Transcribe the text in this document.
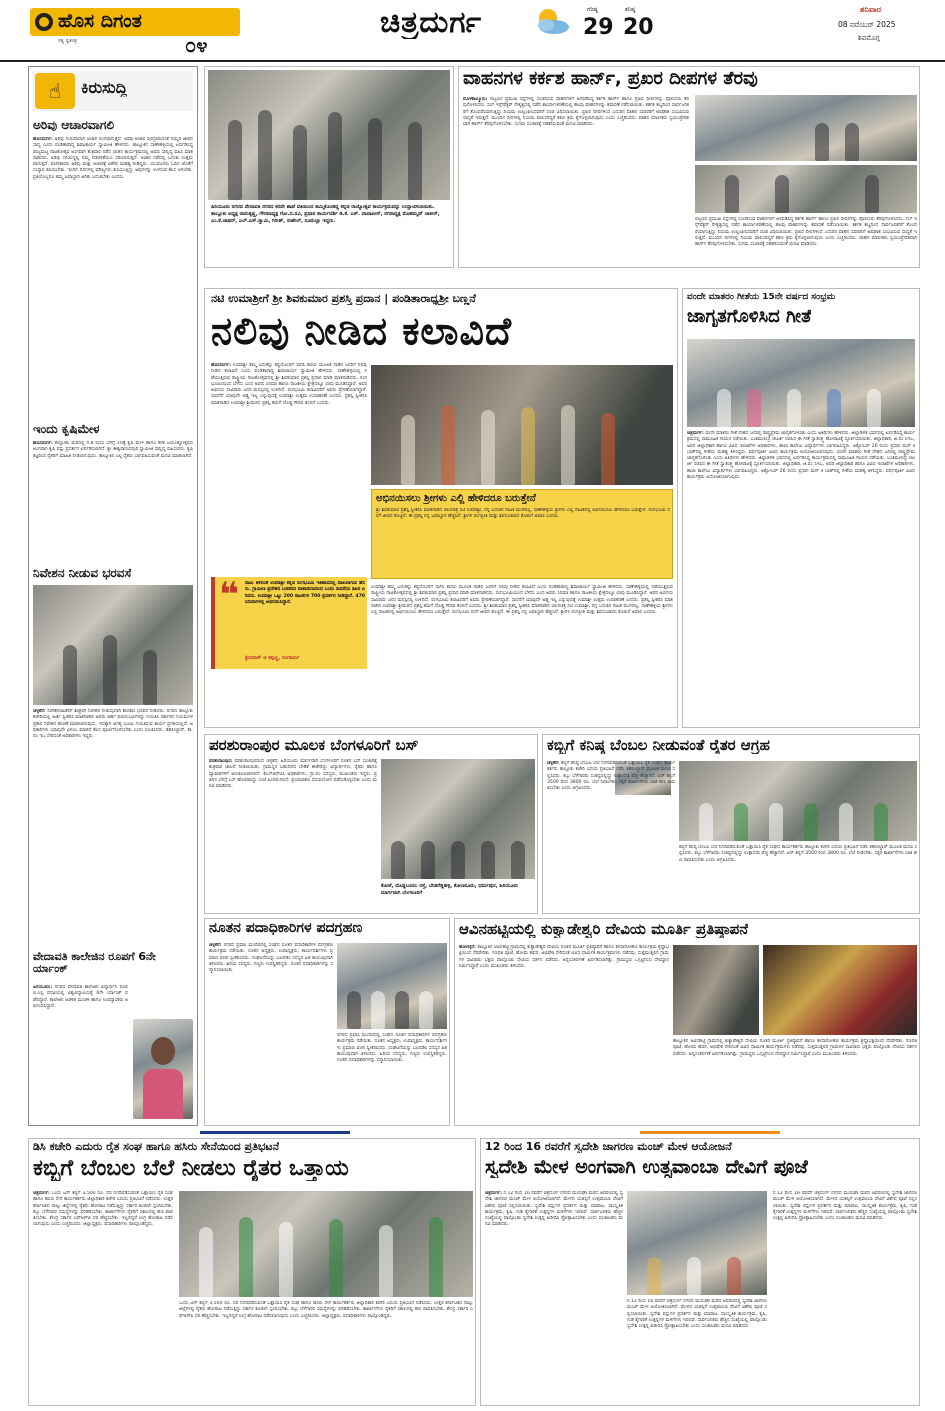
ಹೊಸ ದಿಗಂತ
ಸತ್ಯ ಸ್ವತಂತ್ರ	೦೪
ಚಿತ್ರದುರ್ಗ	ಗರಿಷ್ಠ
29
ಕನಿಷ್ಠ
20
ಶನಿವಾರ
08 ನವೆಂಬರ್ 2025
ಶಿವಮೊಗ್ಗ
☝	ಕಿರುಸುದ್ದಿ
ಅರಿವು ಆಚಾರವಾಗಲಿ
ಹೊಸದುರ್ಗ: ಅರಿವು ಗುರುವಾದಾಗ ಆಚಾರ ಲಿಂಗವಾಗುತ್ತದೆ. ಅರಿವು-ಆಚಾರ ಪುನರ್ರಚಿಸಿದಂತೆ ನಮ್ಮದಿ ಜೀವನ ಸಾಧ್ಯ ಎಂದು ಪಂಡಿತಾರಾಧ್ಯ ಶಿವಾಚಾರ್ಯ ಸ್ವಾಮೀಜಿ ಹೇಳಿದರು. ತಾಲ್ಲೂಕಿನ ಸಾಣೇಹಳ್ಳಿಯಲ್ಲಿ ಏರ್ಪಡಿಸಿದ್ದ ರಾಜ್ಯಮಟ್ಟ ನಾಟಕೋತ್ಸವ ಅಂಗವಾಗಿ ಶುಕ್ರವಾರ ನಡೆದ ಚಿಂತನ ಕಾರ್ಯಕ್ರಮದಲ್ಲಿ ಅವರು ಸಾನ್ನಿಧ್ಯ ವಹಿಸಿ ಮಾತನಾಡಿದರು. ಅರಿವು ಸರಿಯಿದ್ದಲ್ಲಿ ನಮ್ಮ ನಡವಳಿಕೆಯೂ ಸರಿಯಾಗುತ್ತದೆ. ಆಚಾರ ನಡೆದಲ್ಲಿ ಬದುಕು ಉತ್ತಮವಾಗುತ್ತದೆ. ವಚನಕಾರರು ಅರಿವು ಮತ್ತು ಆಚಾರಕ್ಕೆ ವಿಶೇಷ ಮಹತ್ವ ನೀಡಿದ್ದರು. ಯುವಜನರು ಓದಿನ ಜೊತೆಗೆ ಸಂಸ್ಕಾರ ಕಲಿಯಬೇಕು. ಇಂದಿನ ದಿನಗಳಲ್ಲಿ ಮೌಲ್ಯಗಳು ಕುಸಿಯುತ್ತಿದ್ದು ಅವುಗಳನ್ನು ಉಳಿಸುವ ಕೆಲಸ ಆಗಬೇಕು. ಪ್ರತಿಯೊಬ್ಬರೂ ತಮ್ಮ ಜವಾಬ್ದಾರಿ ಅರಿತು ಬದುಕಬೇಕು ಎಂದರು.
ಇಂದು ಕೃಷಿಮೇಳ
ಹೊಸದುರ್ಗ: ಕೆಲ್ಲೋಡು ಮಠದಲ್ಲಿ ನ.8 ರಂದು ಬೆಳಗ್ಗೆ 10ಕ್ಕೆ ಕೃಷಿ ಮೇಳ ಹಾಗೂ ಕನಕ ಜಯಂತ್ಯೋತ್ಸವದ ಅಂಗವಾಗಿ ಕೃಷಿ ವಸ್ತು ಪ್ರದರ್ಶನ ಏರ್ಪಡಿಸಲಾಗಿದೆ. ಶ್ರೀ ಈಶ್ವರಾನಂದಪುರಿ ಸ್ವಾಮೀಜಿ ಸಾನ್ನಿಧ್ಯ ವಹಿಸುವರು. ಕೃಷಿ ತಜ್ಞರಿಂದ ರೈತರಿಗೆ ಮಾಹಿತಿ ನೀಡಲಾಗುವುದು. ತಾಲ್ಲೂಕಿನ ಎಲ್ಲ ರೈತರು ಭಾಗವಹಿಸುವಂತೆ ಮನವಿ ಮಾಡಲಾಗಿದೆ.
ನಿವೇಶನ ನೀಡುವ ಭರವಸೆ
ಚಳ್ಳಕೆರೆ: ನಿವೇಶನರಹಿತರಿಗೆ ಶೀಘ್ರವೇ ನಿವೇಶನ ನೀಡುವುದಾಗಿ ಶಾಸಕರು ಭರವಸೆ ನೀಡಿದರು. ನಗರದ ತಾಲ್ಲೂಕು ಕಚೇರಿಯಲ್ಲಿ ಅರ್ಜಿ ಸ್ವೀಕರಿಸಿ ಮಾತನಾಡಿದ ಅವರು ಅರ್ಹ ಫಲಾನುಭವಿಗಳನ್ನು ಗುರುತಿಸಿ ಸರ್ಕಾರದ ನಿಯಮಗಳ ಪ್ರಕಾರ ನಿವೇಶನ ಹಂಚಿಕೆ ಮಾಡಲಾಗುವುದು. ಇದಕ್ಕಾಗಿ ಅಗತ್ಯ ಭೂಮಿ ಗುರುತಿಸುವ ಕಾರ್ಯ ಪ್ರಗತಿಯಲ್ಲಿದೆ. ಅಧಿಕಾರಿಗಳು ಯಾವುದೇ ವಿಳಂಬ ಮಾಡದೆ ಕೆಲಸ ಪೂರ್ಣಗೊಳಿಸಬೇಕು ಎಂದು ಸೂಚಿಸಿದರು. ತಹಸೀಲ್ದಾರ್, ತಾ.ಪಂ ಇಒ ಸೇರಿದಂತೆ ಅಧಿಕಾರಿಗಳು ಇದ್ದರು.
ವೇದಾವತಿ ಕಾಲೇಜಿನ ರೂಪಗೆ 6ನೇ ರ್ಯಾಂಕ್
ಹಿರಿಯೂರು: ನಗರದ ವೇದಾವತಿ ಕಾಲೇಜಿನ ವಿದ್ಯಾರ್ಥಿನಿ ರೂಪ ಬಿ.ಎಸ್ಸಿ ಪದವಿಯಲ್ಲಿ ವಿಶ್ವವಿದ್ಯಾಲಯಕ್ಕೆ 6ನೇ ರ್ಯಾಂಕ್ ಪಡೆದಿದ್ದಾರೆ. ಕಾಲೇಜಿನ ಆಡಳಿತ ಮಂಡಳಿ ಹಾಗೂ ಉಪನ್ಯಾಸಕರು ಅಭಿನಂದಿಸಿದ್ದಾರೆ.
ಹಿರಿಯೂರು ನಗರದ ವೇದಾವತಿ ನಗರದ ಕರವೇ ಶಾಖೆ ವತಿಯಿಂದ ಹಮ್ಮಿಕೊಂಡಿದ್ದ ಕನ್ನಡ ರಾಜ್ಯೋತ್ಸವ ಕಾರ್ಯಕ್ರಮವನ್ನು ಉದ್ಘಾಟಿಸಲಾಯಿತು. ತಾಲ್ಲೂಕು ಅಧ್ಯಕ್ಷ ರಾಮಕೃಷ್ಣ, ಗೌರವಾಧ್ಯಕ್ಷ ಗೋ.ಬಿ.ರವಿ, ಪ್ರಧಾನ ಕಾರ್ಯದರ್ಶಿ ಡಿ.ಕೆ. ಎಸ್. ದಾದಾಪೀರ್, ನಗರಾಧ್ಯಕ್ಷ ಮೊಹಮ್ಮದ್ ಜಾಕೀರ್, ಎಂ.ಕೆ.ಜಾಫರ್, ಎಲ್.ಎಸ್.ಸ್ವಾಮಿ, ಗಿರೀಶ್, ಸುಹೇಲ್, ನೂರುಲ್ಲಾ ಇದ್ದರು.
ವಾಹನಗಳ ಕರ್ಕಶ ಹಾರ್ನ್, ಪ್ರಖರ ದೀಪಗಳ ತೆರವು
ಮೊಳಕಾಲ್ಮೂರು: ಪಟ್ಟಣದ ಪ್ರಮುಖ ರಸ್ತೆಗಳಲ್ಲಿ ಸಂಚರಿಸುವ ವಾಹನಗಳಿಗೆ ಅಳವಡಿಸಿದ್ದ ಕರ್ಕಶ ಹಾರ್ನ್ ಹಾಗೂ ಪ್ರಖರ ದೀಪಗಳನ್ನು ಪೊಲೀಸರು ತೆರವುಗೊಳಿಸಿದರು. ಸಬ್ ಇನ್ಸ್‌ಪೆಕ್ಟರ್ ನೇತೃತ್ವದಲ್ಲಿ ನಡೆದ ಕಾರ್ಯಾಚರಣೆಯಲ್ಲಿ ಹಲವು ವಾಹನಗಳನ್ನು ತಪಾಸಣೆ ನಡೆಸಲಾಯಿತು. ಕರ್ಕಶ ಶಬ್ದದಿಂದ ಸಾರ್ವಜನಿಕರಿಗೆ ತೊಂದರೆಯಾಗುತ್ತಿದ್ದು ನಿಯಮ ಉಲ್ಲಂಘಿಸಿದವರಿಗೆ ದಂಡ ವಿಧಿಸಲಾಯಿತು. ಪ್ರಖರ ದೀಪಗಳಿಂದ ಎದುರಿನ ವಾಹನ ಸವಾರರಿಗೆ ಅಪಘಾತ ಸಂಭವಿಸುವ ಸಾಧ್ಯತೆ ಇರುತ್ತದೆ. ಮುಂದಿನ ದಿನಗಳಲ್ಲಿ ನಿಯಮ ಪಾಲಿಸದಿದ್ದರೆ ಕಠಿಣ ಕ್ರಮ ಕೈಗೊಳ್ಳಲಾಗುವುದು ಎಂದು ಎಚ್ಚರಿಸಿದರು. ವಾಹನ ಮಾಲೀಕರು ಸ್ವಯಂಪ್ರೇರಿತವಾಗಿ ಹಾರ್ನ್ ತೆರವುಗೊಳಿಸಬೇಕು. ಸುಗಮ ಸಂಚಾರಕ್ಕೆ ಸಹಕರಿಸುವಂತೆ ಮನವಿ ಮಾಡಿದರು.
ಪಟ್ಟಣದ ಪ್ರಮುಖ ರಸ್ತೆಗಳಲ್ಲಿ ಸಂಚರಿಸುವ ವಾಹನಗಳಿಗೆ ಅಳವಡಿಸಿದ್ದ ಕರ್ಕಶ ಹಾರ್ನ್ ಹಾಗೂ ಪ್ರಖರ ದೀಪಗಳನ್ನು ಪೊಲೀಸರು ತೆರವುಗೊಳಿಸಿದರು. ಸಬ್ ಇನ್ಸ್‌ಪೆಕ್ಟರ್ ನೇತೃತ್ವದಲ್ಲಿ ನಡೆದ ಕಾರ್ಯಾಚರಣೆಯಲ್ಲಿ ಹಲವು ವಾಹನಗಳನ್ನು ತಪಾಸಣೆ ನಡೆಸಲಾಯಿತು. ಕರ್ಕಶ ಶಬ್ದದಿಂದ ಸಾರ್ವಜನಿಕರಿಗೆ ತೊಂದರೆಯಾಗುತ್ತಿದ್ದು ನಿಯಮ ಉಲ್ಲಂಘಿಸಿದವರಿಗೆ ದಂಡ ವಿಧಿಸಲಾಯಿತು. ಪ್ರಖರ ದೀಪಗಳಿಂದ ಎದುರಿನ ವಾಹನ ಸವಾರರಿಗೆ ಅಪಘಾತ ಸಂಭವಿಸುವ ಸಾಧ್ಯತೆ ಇರುತ್ತದೆ. ಮುಂದಿನ ದಿನಗಳಲ್ಲಿ ನಿಯಮ ಪಾಲಿಸದಿದ್ದರೆ ಕಠಿಣ ಕ್ರಮ ಕೈಗೊಳ್ಳಲಾಗುವುದು ಎಂದು ಎಚ್ಚರಿಸಿದರು. ವಾಹನ ಮಾಲೀಕರು ಸ್ವಯಂಪ್ರೇರಿತವಾಗಿ ಹಾರ್ನ್ ತೆರವುಗೊಳಿಸಬೇಕು. ಸುಗಮ ಸಂಚಾರಕ್ಕೆ ಸಹಕರಿಸುವಂತೆ ಮನವಿ ಮಾಡಿದರು.
ನಟಿ ಉಮಾಶ್ರೀಗೆ ಶ್ರೀ ಶಿವಕುಮಾರ ಪ್ರಶಸ್ತಿ ಪ್ರದಾನ | ಪಂಡಿತಾರಾಧ್ಯಶ್ರೀ ಬಣ್ಣನೆ
ನಲಿವು ನೀಡಿದ ಕಲಾವಿದೆ
ಹೊಸದುರ್ಗ: ಉಮಾಶ್ರೀ ತಮ್ಮ ಬದುಕನ್ನು ಕಷ್ಟದೊಂದಿಗೆ ಸಾಗಿಸಿ ಕಲೆಯ ಮೂಲಕ ನಾಡಿನ ಜನರಿಗೆ ನಲಿವು ನೀಡಿದ ಕಲಾವಿದೆ ಎಂದು ಪಂಡಿತಾರಾಧ್ಯ ಶಿವಾಚಾರ್ಯ ಸ್ವಾಮೀಜಿ ಹೇಳಿದರು. ಸಾಣೇಹಳ್ಳಿಯಲ್ಲಿ ನಡೆಯುತ್ತಿರುವ ರಾಷ್ಟ್ರೀಯ ನಾಟಕೋತ್ಸವದಲ್ಲಿ ಶ್ರೀ ಶಿವಕುಮಾರ ಪ್ರಶಸ್ತಿ ಪ್ರದಾನ ಮಾಡಿ ಮಾತನಾಡಿದರು. ರಂಗಭೂಮಿಯಿಂದ ಬೆಳೆದು ಬಂದ ಅವರು ಸಿನಿಮಾ ಹಾಗೂ ರಾಜಕೀಯ ಕ್ಷೇತ್ರದಲ್ಲೂ ಛಾಪು ಮೂಡಿಸಿದ್ದಾರೆ. ಅವರ ಅಭಿನಯ ಸಾವಿರಾರು ಜನರ ಮನಸ್ಸಿನಲ್ಲಿ ಉಳಿದಿದೆ. ರಂಗಭೂಮಿ ಕಲಾವಿದರಿಗೆ ಅವರು ಪ್ರೇರಣೆಯಾಗಿದ್ದಾರೆ. ಸಾಧನೆಗೆ ಯಾವುದೇ ಅಡ್ಡಿ ಇಲ್ಲ ಎನ್ನುವುದಕ್ಕೆ ಉಮಾಶ್ರೀ ಉತ್ತಮ ಉದಾಹರಣೆ ಎಂದರು. ಪ್ರಶಸ್ತಿ ಸ್ವೀಕರಿಸಿ ಮಾತನಾಡಿದ ಉಮಾಶ್ರೀ ಶ್ರೀಮಠದ ಪ್ರಶಸ್ತಿ ತಮಗೆ ದೊಡ್ಡ ಗೌರವ ತಂದಿದೆ ಎಂದರು.
ಅಭಿನಯಿಸಲು ಶ್ರೀಗಳು ಎಲ್ಲಿ ಹೇಳಿದರೂ ಬರುತ್ತೇನೆ
ಶ್ರೀ ಶಿವಕುಮಾರ ಪ್ರಶಸ್ತಿ ಸ್ವೀಕರಿಸಿ ಮಾತನಾಡಿದ ಚಲನಚಿತ್ರ ನಟಿ ಉಮಾಶ್ರೀ, ನನ್ನ ಬದುಕಿನ ನಾಟಕ ಮುಗಿದಿಲ್ಲ. ಸಾಣೇಹಳ್ಳಿಯ ಶ್ರೀಗಳು ಎಲ್ಲಿ ನಾಟಕದಲ್ಲಿ ಅಭಿನಯಿಸಲು ಹೇಳಿದರೂ ಬರುತ್ತೇನೆ. ರಂಗಭೂಮಿ ನನಗೆ ಜೀವನ ಕೊಟ್ಟಿದೆ. ಈ ಪ್ರಶಸ್ತಿ ನನ್ನ ಜವಾಬ್ದಾರಿ ಹೆಚ್ಚಿಸಿದೆ. ಶ್ರೀಗಳ ರಂಗಪ್ರೀತಿ ಮತ್ತು ಶಿವಸಂಚಾರದ ಕೊಡುಗೆ ಅಪಾರ ಎಂದರು.
❝ ನಾಟು ತಿಳಿದಂತೆ ಉಮಾಶ್ರೀ ಕನ್ನಡ ರಂಗಭೂಮಿ ಇತಿಹಾಸದಲ್ಲಿ ದಾಖಲಾಗುವ ಹೆಸರು. ಗ್ರಾಮೀಣ ಪ್ರದೇಶದ ಬಡತನದ ವಾತಾವರಣದಿಂದ ಬಂದು ಸಾಧನೆಯ ಶಿಖರ ಏರಿದರು. ಉಮಾಶ್ರೀ ಒಟ್ಟು 200 ನಾಟಕಗಳ 700 ಪ್ರದರ್ಶನ ನೀಡಿದ್ದಾರೆ. 470 ಸಿನಿಮಾಗಳಲ್ಲಿ ಅಭಿನಯಿಸಿದ್ದಾರೆ.
ಶ್ರೀನಿವಾಸ್ ಜಿ ಕಪ್ಪಣ್ಣ, ರಂಗಕರ್ಮಿ
ಉಮಾಶ್ರೀ ತಮ್ಮ ಬದುಕನ್ನು ಕಷ್ಟದೊಂದಿಗೆ ಸಾಗಿಸಿ ಕಲೆಯ ಮೂಲಕ ನಾಡಿನ ಜನರಿಗೆ ನಲಿವು ನೀಡಿದ ಕಲಾವಿದೆ ಎಂದು ಪಂಡಿತಾರಾಧ್ಯ ಶಿವಾಚಾರ್ಯ ಸ್ವಾಮೀಜಿ ಹೇಳಿದರು. ಸಾಣೇಹಳ್ಳಿಯಲ್ಲಿ ನಡೆಯುತ್ತಿರುವ ರಾಷ್ಟ್ರೀಯ ನಾಟಕೋತ್ಸವದಲ್ಲಿ ಶ್ರೀ ಶಿವಕುಮಾರ ಪ್ರಶಸ್ತಿ ಪ್ರದಾನ ಮಾಡಿ ಮಾತನಾಡಿದರು. ರಂಗಭೂಮಿಯಿಂದ ಬೆಳೆದು ಬಂದ ಅವರು ಸಿನಿಮಾ ಹಾಗೂ ರಾಜಕೀಯ ಕ್ಷೇತ್ರದಲ್ಲೂ ಛಾಪು ಮೂಡಿಸಿದ್ದಾರೆ. ಅವರ ಅಭಿನಯ ಸಾವಿರಾರು ಜನರ ಮನಸ್ಸಿನಲ್ಲಿ ಉಳಿದಿದೆ. ರಂಗಭೂಮಿ ಕಲಾವಿದರಿಗೆ ಅವರು ಪ್ರೇರಣೆಯಾಗಿದ್ದಾರೆ. ಸಾಧನೆಗೆ ಯಾವುದೇ ಅಡ್ಡಿ ಇಲ್ಲ ಎನ್ನುವುದಕ್ಕೆ ಉಮಾಶ್ರೀ ಉತ್ತಮ ಉದಾಹರಣೆ ಎಂದರು. ಪ್ರಶಸ್ತಿ ಸ್ವೀಕರಿಸಿ ಮಾತನಾಡಿದ ಉಮಾಶ್ರೀ ಶ್ರೀಮಠದ ಪ್ರಶಸ್ತಿ ತಮಗೆ ದೊಡ್ಡ ಗೌರವ ತಂದಿದೆ ಎಂದರು. ಶ್ರೀ ಶಿವಕುಮಾರ ಪ್ರಶಸ್ತಿ ಸ್ವೀಕರಿಸಿ ಮಾತನಾಡಿದ ಚಲನಚಿತ್ರ ನಟಿ ಉಮಾಶ್ರೀ, ನನ್ನ ಬದುಕಿನ ನಾಟಕ ಮುಗಿದಿಲ್ಲ. ಸಾಣೇಹಳ್ಳಿಯ ಶ್ರೀಗಳು ಎಲ್ಲಿ ನಾಟಕದಲ್ಲಿ ಅಭಿನಯಿಸಲು ಹೇಳಿದರೂ ಬರುತ್ತೇನೆ. ರಂಗಭೂಮಿ ನನಗೆ ಜೀವನ ಕೊಟ್ಟಿದೆ. ಈ ಪ್ರಶಸ್ತಿ ನನ್ನ ಜವಾಬ್ದಾರಿ ಹೆಚ್ಚಿಸಿದೆ. ಶ್ರೀಗಳ ರಂಗಪ್ರೀತಿ ಮತ್ತು ಶಿವಸಂಚಾರದ ಕೊಡುಗೆ ಅಪಾರ ಎಂದರು.
ವಂದೇ ಮಾತರಂ ಗೀತೆಯ 15ನೇ ವರ್ಷದ ಸಂಭ್ರಮ
ಜಾಗೃತಗೊಳಿಸಿದ ಗೀತೆ
ಚಿತ್ರದುರ್ಗ: ವಂದೇ ಮಾತರಂ ಗೀತೆ ದೇಶದ ಜನರಲ್ಲಿ ರಾಷ್ಟ್ರಪ್ರೇಮ ಜಾಗೃತಗೊಳಿಸಿತು ಎಂದು ಅತಿಥಿಗಳು ಹೇಳಿದರು. ಜಿಲ್ಲಾಡಳಿತ ಭವನದಲ್ಲಿ ಏರ್ಪಡಿಸಿದ್ದ ಕಾರ್ಯಕ್ರಮದಲ್ಲಿ ಸಾಮೂಹಿಕ ಗಾಯನ ನಡೆಯಿತು. ಬಂಕಿಮಚಂದ್ರ ಚಟರ್ಜಿ ರಚಿಸಿದ ಈ ಗೀತೆ ಸ್ವಾತಂತ್ರ್ಯ ಹೋರಾಟಕ್ಕೆ ಸ್ಫೂರ್ತಿಯಾಯಿತು. ಜಿಲ್ಲಾಧಿಕಾರಿ, ಜಿ.ಪಂ ಸಿಇಒ, ಅಪರ ಜಿಲ್ಲಾಧಿಕಾರಿ ಹಾಗೂ ವಿವಿಧ ಇಲಾಖೆಗಳ ಅಧಿಕಾರಿಗಳು, ಶಾಲಾ ಕಾಲೇಜು ವಿದ್ಯಾರ್ಥಿಗಳು ಭಾಗವಹಿಸಿದ್ದರು. ಅಕ್ಟೋಬರ್ 26 ರಂದು ಪ್ರಧಾನಿ ಮನ್ ಕಿ ಬಾತ್‌ನಲ್ಲಿ ಗೀತೆಯ ಮಹತ್ವ ತಿಳಿಸಿದ್ದರು. ವರ್ಷಪೂರ್ತಿ ವಿವಿಧ ಕಾರ್ಯಕ್ರಮ ಆಯೋಜಿಸಲಾಗುವುದು. ವಂದೇ ಮಾತರಂ ಗೀತೆ ದೇಶದ ಜನರಲ್ಲಿ ರಾಷ್ಟ್ರಪ್ರೇಮ ಜಾಗೃತಗೊಳಿಸಿತು ಎಂದು ಅತಿಥಿಗಳು ಹೇಳಿದರು. ಜಿಲ್ಲಾಡಳಿತ ಭವನದಲ್ಲಿ ಏರ್ಪಡಿಸಿದ್ದ ಕಾರ್ಯಕ್ರಮದಲ್ಲಿ ಸಾಮೂಹಿಕ ಗಾಯನ ನಡೆಯಿತು. ಬಂಕಿಮಚಂದ್ರ ಚಟರ್ಜಿ ರಚಿಸಿದ ಈ ಗೀತೆ ಸ್ವಾತಂತ್ರ್ಯ ಹೋರಾಟಕ್ಕೆ ಸ್ಫೂರ್ತಿಯಾಯಿತು. ಜಿಲ್ಲಾಧಿಕಾರಿ, ಜಿ.ಪಂ ಸಿಇಒ, ಅಪರ ಜಿಲ್ಲಾಧಿಕಾರಿ ಹಾಗೂ ವಿವಿಧ ಇಲಾಖೆಗಳ ಅಧಿಕಾರಿಗಳು, ಶಾಲಾ ಕಾಲೇಜು ವಿದ್ಯಾರ್ಥಿಗಳು ಭಾಗವಹಿಸಿದ್ದರು. ಅಕ್ಟೋಬರ್ 26 ರಂದು ಪ್ರಧಾನಿ ಮನ್ ಕಿ ಬಾತ್‌ನಲ್ಲಿ ಗೀತೆಯ ಮಹತ್ವ ತಿಳಿಸಿದ್ದರು. ವರ್ಷಪೂರ್ತಿ ವಿವಿಧ ಕಾರ್ಯಕ್ರಮ ಆಯೋಜಿಸಲಾಗುವುದು.
ಪರಶುರಾಂಪುರ ಮೂಲಕ ಬೆಂಗಳೂರಿಗೆ ಬಸ್
ಪರಶುರಾಂಪುರ: ಪರಶುರಾಂಪುರದಿಂದ ಚಳ್ಳಕೆರೆ, ಹಿರಿಯೂರು ಮಾರ್ಗವಾಗಿ ಬೆಂಗಳೂರಿಗೆ ನೂತನ ಬಸ್ ಸಂಚಾರಕ್ಕೆ ಶುಕ್ರವಾರ ಚಾಲನೆ ನೀಡಲಾಯಿತು. ಗ್ರಾಮಸ್ಥರ ಬಹುದಿನದ ಬೇಡಿಕೆ ಈಡೇರಿದ್ದು ವಿದ್ಯಾರ್ಥಿಗಳು, ರೈತರು ಹಾಗೂ ವ್ಯಾಪಾರಿಗಳಿಗೆ ಅನುಕೂಲವಾಗಲಿದೆ. ಕೆಎಸ್‌ಆರ್‌ಟಿಸಿ ಅಧಿಕಾರಿಗಳು, ಗ್ರಾ.ಪಂ ಸದಸ್ಯರು, ಮುಖಂಡರು ಇದ್ದರು. ಪ್ರತಿದಿನ ಬೆಳಗ್ಗೆ ಬಸ್ ಹೊರಡಲಿದ್ದು ಸಂಜೆ ಹಿಂದಿರುಗಲಿದೆ. ಪ್ರಯಾಣಿಕರು ಸದುಪಯೋಗ ಪಡೆದುಕೊಳ್ಳಬೇಕು ಎಂದು ಮನವಿ ಮಾಡಿದರು.
ಕೋಟೆ, ದೊಡ್ಡಬಂದಲ ರಸ್ತೆ, ಬೇಡರೆಡ್ಡಿಹಳ್ಳಿ, ಕೋಣನೂರು, ಧರ್ಮಪುರ, ಹಿರಿಯೂರು ಮಾರ್ಗವಾಗಿ ಬೆಂಗಳೂರಿಗೆ
ಕಬ್ಬಿಗೆ ಕನಿಷ್ಠ ಬೆಂಬಲ ನೀಡುವಂತೆ ರೈತರ ಆಗ್ರಹ
ಚಳ್ಳಕೆರೆ: ಕಬ್ಬಿಗೆ ಕನಿಷ್ಠ ಬೆಂಬಲ ಬೆಲೆ ನಿಗದಿಪಡಿಸುವಂತೆ ಒತ್ತಾಯಿಸಿ ರೈತ ಸಂಘದ ಕಾರ್ಯಕರ್ತರು ತಾಲ್ಲೂಕು ಕಚೇರಿ ಎದುರು ಪ್ರತಿಭಟನೆ ನಡೆಸಿ ತಹಸೀಲ್ದಾರ್ ಮೂಲಕ ಮನವಿ ಸಲ್ಲಿಸಿದರು. ಕಬ್ಬು ಬೆಳೆಗಾರರು ಸಂಕಷ್ಟದಲ್ಲಿದ್ದು ಉತ್ಪಾದನಾ ವೆಚ್ಚ ಹೆಚ್ಚಾಗಿದೆ. ಟನ್ ಕಬ್ಬಿಗೆ 3500 ರಿಂದ 3800 ರೂ. ಬೆಲೆ ನೀಡಬೇಕು. ಸಕ್ಕರೆ ಕಾರ್ಖಾನೆಗಳು ಬಾಕಿ ಹಣ ಪಾವತಿಸಬೇಕು ಎಂದು ಆಗ್ರಹಿಸಿದರು.
ಕಬ್ಬಿಗೆ ಕನಿಷ್ಠ ಬೆಂಬಲ ಬೆಲೆ ನಿಗದಿಪಡಿಸುವಂತೆ ಒತ್ತಾಯಿಸಿ ರೈತ ಸಂಘದ ಕಾರ್ಯಕರ್ತರು ತಾಲ್ಲೂಕು ಕಚೇರಿ ಎದುರು ಪ್ರತಿಭಟನೆ ನಡೆಸಿ ತಹಸೀಲ್ದಾರ್ ಮೂಲಕ ಮನವಿ ಸಲ್ಲಿಸಿದರು. ಕಬ್ಬು ಬೆಳೆಗಾರರು ಸಂಕಷ್ಟದಲ್ಲಿದ್ದು ಉತ್ಪಾದನಾ ವೆಚ್ಚ ಹೆಚ್ಚಾಗಿದೆ. ಟನ್ ಕಬ್ಬಿಗೆ 3500 ರಿಂದ 3800 ರೂ. ಬೆಲೆ ನೀಡಬೇಕು. ಸಕ್ಕರೆ ಕಾರ್ಖಾನೆಗಳು ಬಾಕಿ ಹಣ ಪಾವತಿಸಬೇಕು ಎಂದು ಆಗ್ರಹಿಸಿದರು.
ನೂತನ ಪದಾಧಿಕಾರಿಗಳ ಪದಗ್ರಹಣ
ಚಳ್ಳಕೆರೆ: ನಗರದ ಪ್ರವಾಸಿ ಮಂದಿರದಲ್ಲಿ ಸಂಘದ ನೂತನ ಪದಾಧಿಕಾರಿಗಳ ಪದಗ್ರಹಣ ಕಾರ್ಯಕ್ರಮ ನಡೆಯಿತು. ನೂತನ ಅಧ್ಯಕ್ಷರು, ಉಪಾಧ್ಯಕ್ಷರು, ಕಾರ್ಯದರ್ಶಿಗಳು ಪ್ರಮಾಣ ವಚನ ಸ್ವೀಕರಿಸಿದರು. ಸಂಘಟನೆಯನ್ನು ಬಲಪಡಿಸಿ ಸದಸ್ಯರ ಹಿತ ಕಾಯುವುದಾಗಿ ತಿಳಿಸಿದರು. ಹಿರಿಯ ಸದಸ್ಯರು, ಗಣ್ಯರು ಉಪಸ್ಥಿತರಿದ್ದರು. ನೂತನ ಪದಾಧಿಕಾರಿಗಳನ್ನು ಸನ್ಮಾನಿಸಲಾಯಿತು.
ನಗರದ ಪ್ರವಾಸಿ ಮಂದಿರದಲ್ಲಿ ಸಂಘದ ನೂತನ ಪದಾಧಿಕಾರಿಗಳ ಪದಗ್ರಹಣ ಕಾರ್ಯಕ್ರಮ ನಡೆಯಿತು. ನೂತನ ಅಧ್ಯಕ್ಷರು, ಉಪಾಧ್ಯಕ್ಷರು, ಕಾರ್ಯದರ್ಶಿಗಳು ಪ್ರಮಾಣ ವಚನ ಸ್ವೀಕರಿಸಿದರು. ಸಂಘಟನೆಯನ್ನು ಬಲಪಡಿಸಿ ಸದಸ್ಯರ ಹಿತ ಕಾಯುವುದಾಗಿ ತಿಳಿಸಿದರು. ಹಿರಿಯ ಸದಸ್ಯರು, ಗಣ್ಯರು ಉಪಸ್ಥಿತರಿದ್ದರು. ನೂತನ ಪದಾಧಿಕಾರಿಗಳನ್ನು ಸನ್ಮಾನಿಸಲಾಯಿತು.
ಆವಿನಹಟ್ಟಿಯಲ್ಲಿ ಕುಕ್ವಾಡೇಶ್ವರಿ ದೇವಿಯ ಮೂರ್ತಿ ಪ್ರತಿಷ್ಠಾಪನೆ
ಹೊಳಲ್ಕೆರೆ: ತಾಲ್ಲೂಕಿನ ಆವಿನಹಟ್ಟಿ ಗ್ರಾಮದಲ್ಲಿ ಕುಕ್ವಾಡೇಶ್ವರಿ ದೇವಿಯ ನೂತನ ಮೂರ್ತಿ ಪ್ರತಿಷ್ಠಾಪನೆ ಹಾಗೂ ಕಳಸಾರೋಹಣ ಕಾರ್ಯಕ್ರಮ ಶ್ರದ್ಧಾಭಕ್ತಿಯಿಂದ ನೆರವೇರಿತು. ಗಣಪತಿ ಪೂಜೆ, ಹೋಮ ಹವನ, ಅಭಿಷೇಕ ಸೇರಿದಂತೆ ವಿವಿಧ ಧಾರ್ಮಿಕ ಕಾರ್ಯಕ್ರಮಗಳು ನಡೆದವು. ಸುತ್ತಮುತ್ತಲಿನ ಗ್ರಾಮಗಳ ಸಾವಿರಾರು ಭಕ್ತರು ಪಾಲ್ಗೊಂಡು ದೇವಿಯ ದರ್ಶನ ಪಡೆದರು. ಅನ್ನಸಂತರ್ಪಣೆ ಏರ್ಪಡಿಸಲಾಗಿತ್ತು. ಗ್ರಾಮಸ್ಥರು ಒಗ್ಗಟ್ಟಿನಿಂದ ದೇವಸ್ಥಾನ ನಿರ್ಮಿಸಿದ್ದಾರೆ ಎಂದು ಮುಖಂಡರು ತಿಳಿಸಿದರು.
ತಾಲ್ಲೂಕಿನ ಆವಿನಹಟ್ಟಿ ಗ್ರಾಮದಲ್ಲಿ ಕುಕ್ವಾಡೇಶ್ವರಿ ದೇವಿಯ ನೂತನ ಮೂರ್ತಿ ಪ್ರತಿಷ್ಠಾಪನೆ ಹಾಗೂ ಕಳಸಾರೋಹಣ ಕಾರ್ಯಕ್ರಮ ಶ್ರದ್ಧಾಭಕ್ತಿಯಿಂದ ನೆರವೇರಿತು. ಗಣಪತಿ ಪೂಜೆ, ಹೋಮ ಹವನ, ಅಭಿಷೇಕ ಸೇರಿದಂತೆ ವಿವಿಧ ಧಾರ್ಮಿಕ ಕಾರ್ಯಕ್ರಮಗಳು ನಡೆದವು. ಸುತ್ತಮುತ್ತಲಿನ ಗ್ರಾಮಗಳ ಸಾವಿರಾರು ಭಕ್ತರು ಪಾಲ್ಗೊಂಡು ದೇವಿಯ ದರ್ಶನ ಪಡೆದರು. ಅನ್ನಸಂತರ್ಪಣೆ ಏರ್ಪಡಿಸಲಾಗಿತ್ತು. ಗ್ರಾಮಸ್ಥರು ಒಗ್ಗಟ್ಟಿನಿಂದ ದೇವಸ್ಥಾನ ನಿರ್ಮಿಸಿದ್ದಾರೆ ಎಂದು ಮುಖಂಡರು ತಿಳಿಸಿದರು.
ಡಿಸಿ ಕಚೇರಿ ಎದುರು ರೈತ ಸಂಘ ಹಾಗೂ ಹಸಿರು ಸೇನೆಯಿಂದ ಪ್ರತಿಭಟನೆ
ಕಬ್ಬಿಗೆ ಬೆಂಬಲ ಬೆಲೆ ನೀಡಲು ರೈತರ ಒತ್ತಾಯ
ಚಿತ್ರದುರ್ಗ: ಒಂದು ಟನ್ ಕಬ್ಬಿಗೆ 3,500 ರೂ. ದರ ನಿಗದಿಪಡಿಸುವಂತೆ ಒತ್ತಾಯಿಸಿ ರೈತ ಸಂಘ ಹಾಗೂ ಹಸಿರು ಸೇನೆ ಕಾರ್ಯಕರ್ತರು ಜಿಲ್ಲಾಧಿಕಾರಿ ಕಚೇರಿ ಎದುರು ಪ್ರತಿಭಟನೆ ನಡೆಸಿದರು. ಉತ್ತರ ಕರ್ನಾಟಕದ ನಾಲ್ಕು ಜಿಲ್ಲೆಗಳಲ್ಲಿ ರೈತರು ಹೋರಾಟ ನಡೆಸುತ್ತಿದ್ದು ಸರ್ಕಾರ ಕೂಡಲೇ ಸ್ಪಂದಿಸಬೇಕು. ಕಬ್ಬು ಬೆಳೆಗಾರರ ಸಮಸ್ಯೆಗಳನ್ನು ಪರಿಹರಿಸಬೇಕು. ಕಾರ್ಖಾನೆಗಳು ರೈತರಿಗೆ ಸಕಾಲದಲ್ಲಿ ಹಣ ಪಾವತಿಸಬೇಕು. ಕೇಂದ್ರ ಸರ್ಕಾರ ಎಫ್‌ಆರ್‌ಪಿ ದರ ಹೆಚ್ಚಿಸಬೇಕು. ಇಲ್ಲದಿದ್ದರೆ ಉಗ್ರ ಹೋರಾಟ ನಡೆಸಲಾಗುವುದು ಎಂದು ಎಚ್ಚರಿಸಿದರು. ಜಿಲ್ಲಾಧ್ಯಕ್ಷರು, ಪದಾಧಿಕಾರಿಗಳು ಪಾಲ್ಗೊಂಡಿದ್ದರು.
ಒಂದು ಟನ್ ಕಬ್ಬಿಗೆ 3,500 ರೂ. ದರ ನಿಗದಿಪಡಿಸುವಂತೆ ಒತ್ತಾಯಿಸಿ ರೈತ ಸಂಘ ಹಾಗೂ ಹಸಿರು ಸೇನೆ ಕಾರ್ಯಕರ್ತರು ಜಿಲ್ಲಾಧಿಕಾರಿ ಕಚೇರಿ ಎದುರು ಪ್ರತಿಭಟನೆ ನಡೆಸಿದರು. ಉತ್ತರ ಕರ್ನಾಟಕದ ನಾಲ್ಕು ಜಿಲ್ಲೆಗಳಲ್ಲಿ ರೈತರು ಹೋರಾಟ ನಡೆಸುತ್ತಿದ್ದು ಸರ್ಕಾರ ಕೂಡಲೇ ಸ್ಪಂದಿಸಬೇಕು. ಕಬ್ಬು ಬೆಳೆಗಾರರ ಸಮಸ್ಯೆಗಳನ್ನು ಪರಿಹರಿಸಬೇಕು. ಕಾರ್ಖಾನೆಗಳು ರೈತರಿಗೆ ಸಕಾಲದಲ್ಲಿ ಹಣ ಪಾವತಿಸಬೇಕು. ಕೇಂದ್ರ ಸರ್ಕಾರ ಎಫ್‌ಆರ್‌ಪಿ ದರ ಹೆಚ್ಚಿಸಬೇಕು. ಇಲ್ಲದಿದ್ದರೆ ಉಗ್ರ ಹೋರಾಟ ನಡೆಸಲಾಗುವುದು ಎಂದು ಎಚ್ಚರಿಸಿದರು. ಜಿಲ್ಲಾಧ್ಯಕ್ಷರು, ಪದಾಧಿಕಾರಿಗಳು ಪಾಲ್ಗೊಂಡಿದ್ದರು.
12 ರಿಂದ 16 ರವರೆಗೆ ಸ್ವದೇಶಿ ಜಾಗರಣ ಮಂಚ್ ಮೇಳ ಆಯೋಜನೆ
ಸ್ವದೇಶಿ ಮೇಳ ಅಂಗವಾಗಿ ಉತ್ಸವಾಂಬಾ ದೇವಿಗೆ ಪೂಜೆ
ಚಿತ್ರದುರ್ಗ: ನ.12 ರಿಂದ 16 ರವರೆಗೆ ಚಿತ್ರದುರ್ಗ ನಗರದ ಮುರುಘಾ ಮಠದ ಆವರಣದಲ್ಲಿ ಸ್ವದೇಶಿ ಜಾಗರಣ ಮಂಚ್ ಮೇಳ ಆಯೋಜಿಸಲಾಗಿದೆ. ಮೇಳದ ಯಶಸ್ಸಿಗೆ ಉತ್ಸವಾಂಬಾ ದೇವಿಗೆ ವಿಶೇಷ ಪೂಜೆ ಸಲ್ಲಿಸಲಾಯಿತು. ಸ್ವದೇಶಿ ವಸ್ತುಗಳ ಪ್ರದರ್ಶನ ಮತ್ತು ಮಾರಾಟ, ಸಾಂಸ್ಕೃತಿಕ ಕಾರ್ಯಕ್ರಮ, ಕೃಷಿ, ಗುಡಿ ಕೈಗಾರಿಕೆ ಉತ್ಪನ್ನಗಳ ಮಳಿಗೆಗಳು ಇರಲಿವೆ. ಸಾರ್ವಜನಿಕರು ಹೆಚ್ಚಿನ ಸಂಖ್ಯೆಯಲ್ಲಿ ಪಾಲ್ಗೊಂಡು ಸ್ವದೇಶಿ ಉತ್ಪನ್ನ ಖರೀದಿಸಿ ಪ್ರೋತ್ಸಾಹಿಸಬೇಕು ಎಂದು ಸಂಚಾಲಕರು ಮನವಿ ಮಾಡಿದರು.
ನ.12 ರಿಂದ 16 ರವರೆಗೆ ಚಿತ್ರದುರ್ಗ ನಗರದ ಮುರುಘಾ ಮಠದ ಆವರಣದಲ್ಲಿ ಸ್ವದೇಶಿ ಜಾಗರಣ ಮಂಚ್ ಮೇಳ ಆಯೋಜಿಸಲಾಗಿದೆ. ಮೇಳದ ಯಶಸ್ಸಿಗೆ ಉತ್ಸವಾಂಬಾ ದೇವಿಗೆ ವಿಶೇಷ ಪೂಜೆ ಸಲ್ಲಿಸಲಾಯಿತು. ಸ್ವದೇಶಿ ವಸ್ತುಗಳ ಪ್ರದರ್ಶನ ಮತ್ತು ಮಾರಾಟ, ಸಾಂಸ್ಕೃತಿಕ ಕಾರ್ಯಕ್ರಮ, ಕೃಷಿ, ಗುಡಿ ಕೈಗಾರಿಕೆ ಉತ್ಪನ್ನಗಳ ಮಳಿಗೆಗಳು ಇರಲಿವೆ. ಸಾರ್ವಜನಿಕರು ಹೆಚ್ಚಿನ ಸಂಖ್ಯೆಯಲ್ಲಿ ಪಾಲ್ಗೊಂಡು ಸ್ವದೇಶಿ ಉತ್ಪನ್ನ ಖರೀದಿಸಿ ಪ್ರೋತ್ಸಾಹಿಸಬೇಕು ಎಂದು ಸಂಚಾಲಕರು ಮನವಿ ಮಾಡಿದರು.
ನ.12 ರಿಂದ 16 ರವರೆಗೆ ಚಿತ್ರದುರ್ಗ ನಗರದ ಮುರುಘಾ ಮಠದ ಆವರಣದಲ್ಲಿ ಸ್ವದೇಶಿ ಜಾಗರಣ ಮಂಚ್ ಮೇಳ ಆಯೋಜಿಸಲಾಗಿದೆ. ಮೇಳದ ಯಶಸ್ಸಿಗೆ ಉತ್ಸವಾಂಬಾ ದೇವಿಗೆ ವಿಶೇಷ ಪೂಜೆ ಸಲ್ಲಿಸಲಾಯಿತು. ಸ್ವದೇಶಿ ವಸ್ತುಗಳ ಪ್ರದರ್ಶನ ಮತ್ತು ಮಾರಾಟ, ಸಾಂಸ್ಕೃತಿಕ ಕಾರ್ಯಕ್ರಮ, ಕೃಷಿ, ಗುಡಿ ಕೈಗಾರಿಕೆ ಉತ್ಪನ್ನಗಳ ಮಳಿಗೆಗಳು ಇರಲಿವೆ. ಸಾರ್ವಜನಿಕರು ಹೆಚ್ಚಿನ ಸಂಖ್ಯೆಯಲ್ಲಿ ಪಾಲ್ಗೊಂಡು ಸ್ವದೇಶಿ ಉತ್ಪನ್ನ ಖರೀದಿಸಿ ಪ್ರೋತ್ಸಾಹಿಸಬೇಕು ಎಂದು ಸಂಚಾಲಕರು ಮನವಿ ಮಾಡಿದರು.
